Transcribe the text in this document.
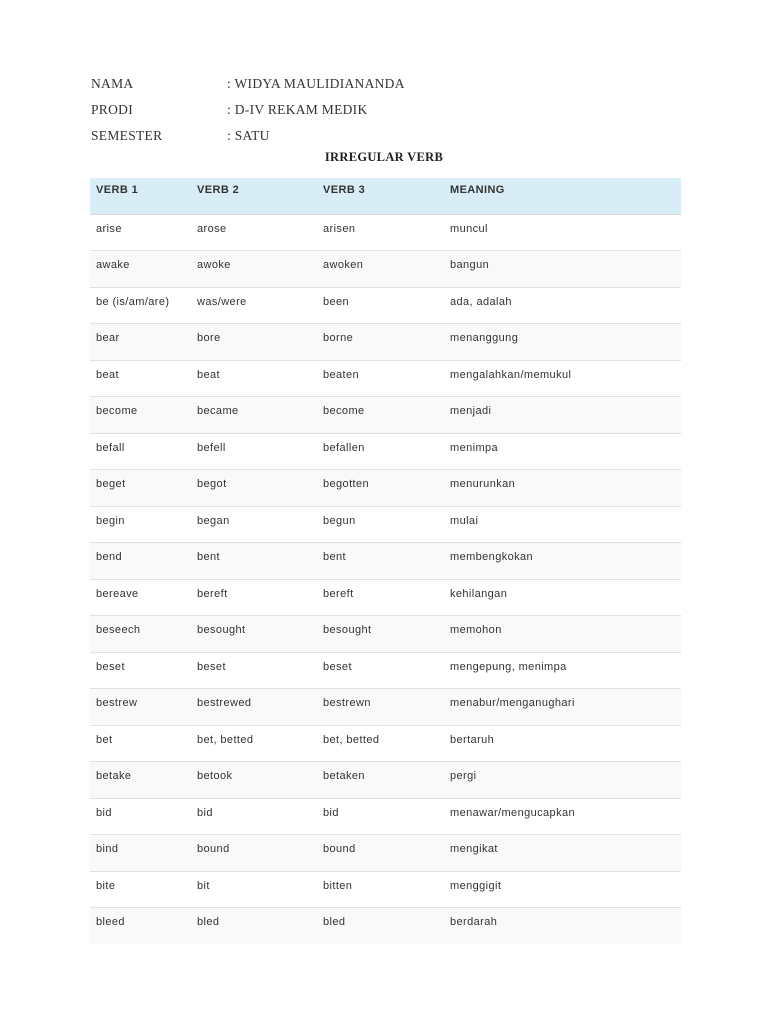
NAMA	: WIDYA MAULIDIANANDA
PRODI	: D-IV REKAM MEDIK
SEMESTER	: SATU
IRREGULAR VERB
VERB 1	VERB 2	VERB 3	MEANING
arise	arose	arisen	muncul
awake	awoke	awoken	bangun
be (is/am/are)	was/were	been	ada, adalah
bear	bore	borne	menanggung
beat	beat	beaten	mengalahkan/memukul
become	became	become	menjadi
befall	befell	befallen	menimpa
beget	begot	begotten	menurunkan
begin	began	begun	mulai
bend	bent	bent	membengkokan
bereave	bereft	bereft	kehilangan
beseech	besought	besought	memohon
beset	beset	beset	mengepung, menimpa
bestrew	bestrewed	bestrewn	menabur/menganughari
bet	bet, betted	bet, betted	bertaruh
betake	betook	betaken	pergi
bid	bid	bid	menawar/mengucapkan
bind	bound	bound	mengikat
bite	bit	bitten	menggigit
bleed	bled	bled	berdarah
